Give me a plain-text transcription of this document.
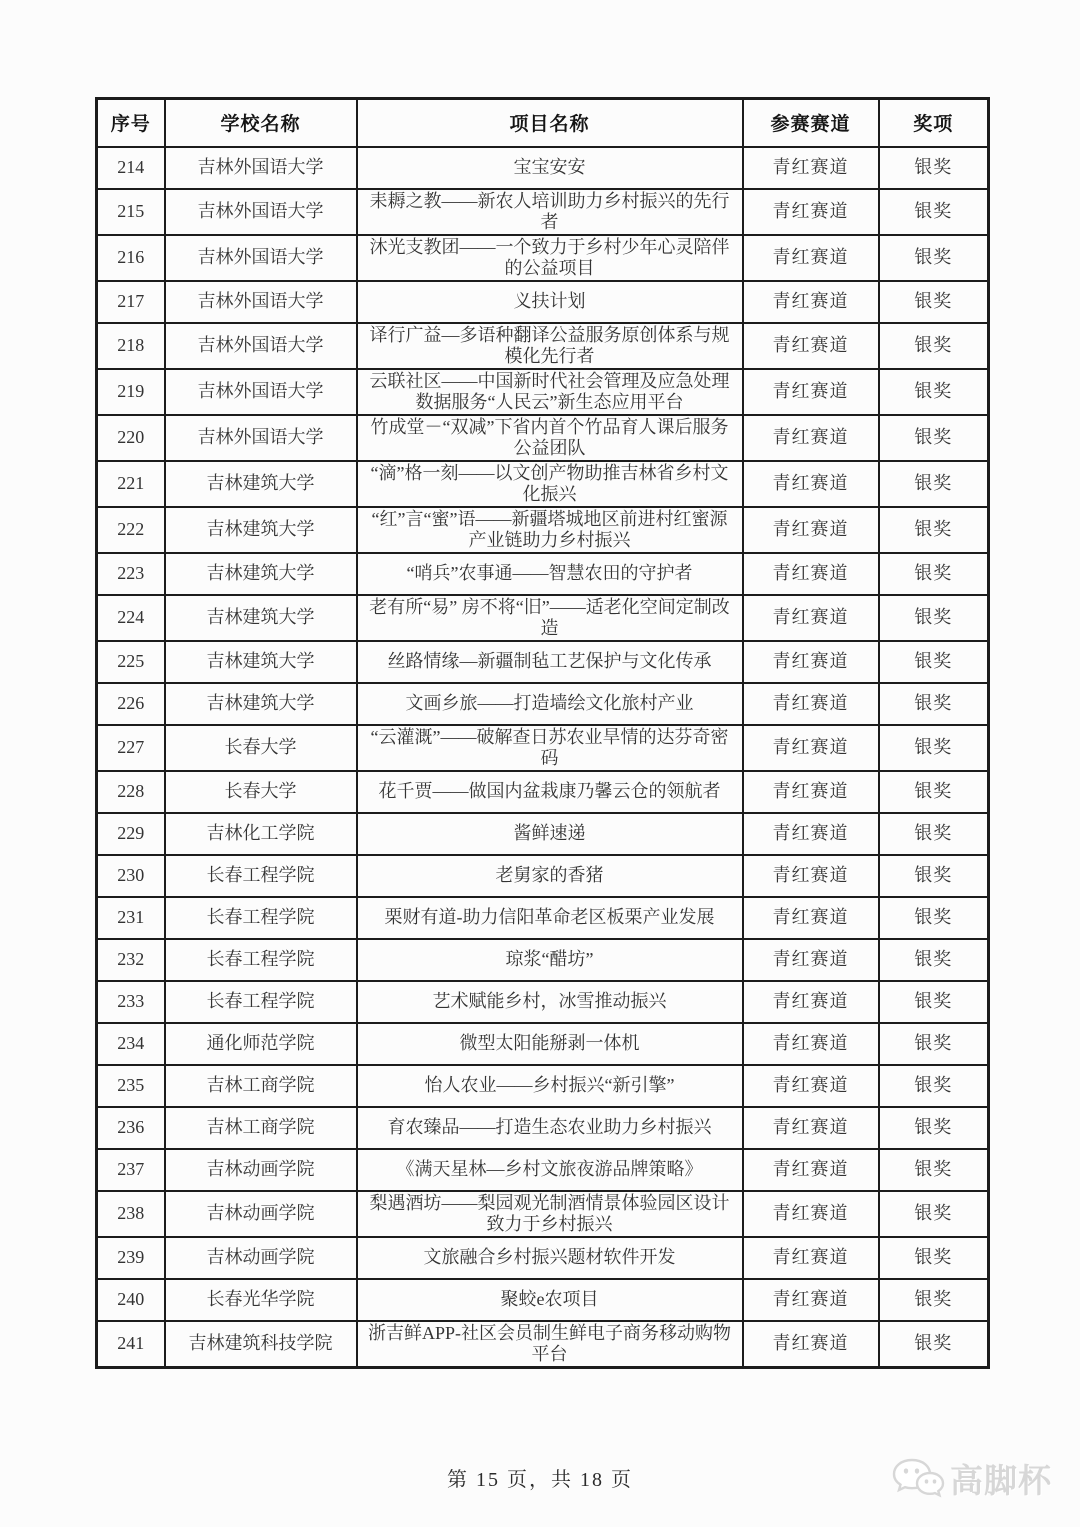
序号	学校名称	项目名称	参赛赛道	奖项
214	吉林外国语大学	宝宝安安	青红赛道	银奖
215	吉林外国语大学	耒耨之教——新农人培训助力乡村振兴的先行者	青红赛道	银奖
216	吉林外国语大学	沐光支教团——一个致力于乡村少年心灵陪伴的公益项目	青红赛道	银奖
217	吉林外国语大学	义扶计划	青红赛道	银奖
218	吉林外国语大学	译行广益—多语种翻译公益服务原创体系与规模化先行者	青红赛道	银奖
219	吉林外国语大学	云联社区——中国新时代社会管理及应急处理数据服务“人民云”新生态应用平台	青红赛道	银奖
220	吉林外国语大学	竹成堂－“双减”下省内首个竹品育人课后服务公益团队	青红赛道	银奖
221	吉林建筑大学	“滴”格一刻——以文创产物助推吉林省乡村文化振兴	青红赛道	银奖
222	吉林建筑大学	“红”言“蜜”语——新疆塔城地区前进村红蜜源产业链助力乡村振兴	青红赛道	银奖
223	吉林建筑大学	“哨兵”农事通——智慧农田的守护者	青红赛道	银奖
224	吉林建筑大学	老有所“易” 房不将“旧”——适老化空间定制改造	青红赛道	银奖
225	吉林建筑大学	丝路情缘—新疆制毡工艺保护与文化传承	青红赛道	银奖
226	吉林建筑大学	文画乡旅——打造墙绘文化旅村产业	青红赛道	银奖
227	长春大学	“云灌溉”——破解查日苏农业旱情的达芬奇密码	青红赛道	银奖
228	长春大学	花千贾——做国内盆栽康乃馨云仓的领航者	青红赛道	银奖
229	吉林化工学院	酱鲜速递	青红赛道	银奖
230	长春工程学院	老舅家的香猪	青红赛道	银奖
231	长春工程学院	栗财有道-助力信阳革命老区板栗产业发展	青红赛道	银奖
232	长春工程学院	琼浆“醋坊”	青红赛道	银奖
233	长春工程学院	艺术赋能乡村，冰雪推动振兴	青红赛道	银奖
234	通化师范学院	微型太阳能掰剥一体机	青红赛道	银奖
235	吉林工商学院	怡人农业——乡村振兴“新引擎”	青红赛道	银奖
236	吉林工商学院	育农臻品——打造生态农业助力乡村振兴	青红赛道	银奖
237	吉林动画学院	《满天星林—乡村文旅夜游品牌策略》	青红赛道	银奖
238	吉林动画学院	梨遇酒坊——梨园观光制酒情景体验园区设计致力于乡村振兴	青红赛道	银奖
239	吉林动画学院	文旅融合乡村振兴题材软件开发	青红赛道	银奖
240	长春光华学院	聚蛟e农项目	青红赛道	银奖
241	吉林建筑科技学院	浙吉鲜APP-社区会员制生鲜电子商务移动购物平台	青红赛道	银奖
第 15 页，共 18 页	高脚杯
